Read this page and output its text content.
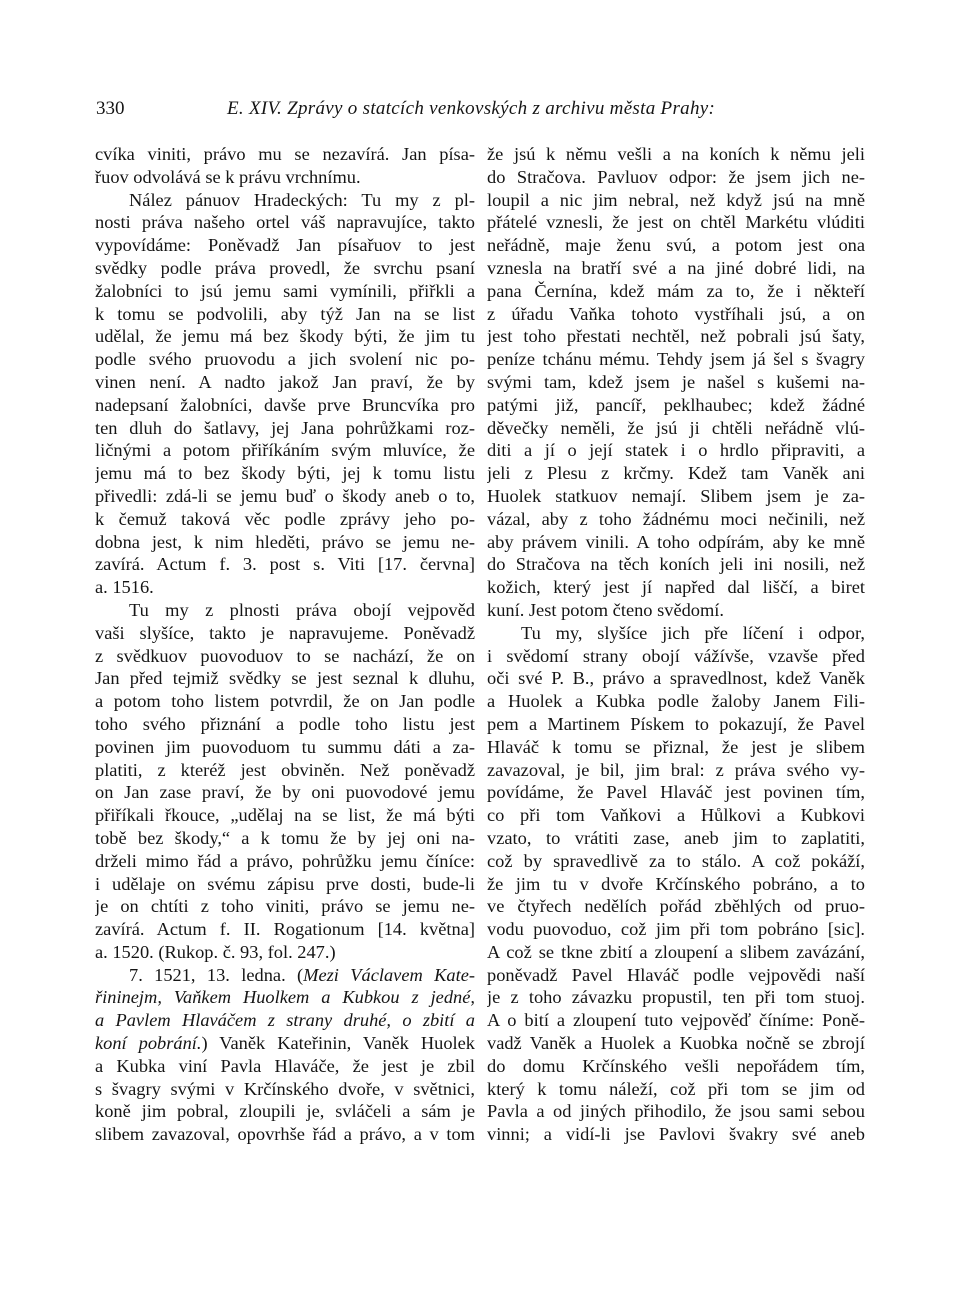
330	E. XIV. Zprávy o statcích venkovských z archivu města Prahy:
cvíka viniti, právo mu se nezavírá. Jan písa-
řuov odvolává se k právu vrchnímu.
Nález pánuov Hradeckých: Tu my z pl-
nosti práva našeho ortel váš napravujíce, takto
vypovídáme: Poněvadž Jan písařuov to jest
svědky podle práva provedl, že svrchu psaní
žalobníci to jsú jemu sami vymínili, přiřkli a
k tomu se podvolili, aby týž Jan na se list
udělal, že jemu má bez škody býti, že jim tu
podle svého pruovodu a jich svolení nic po-
vinen není. A nadto jakož Jan praví, že by
nadepsaní žalobníci, davše prve Bruncvíka pro
ten dluh do šatlavy, jej Jana pohrůžkami roz-
ličnými a potom přiříkáním svým mluvíce, že
jemu má to bez škody býti, jej k tomu listu
přivedli: zdá-li se jemu buď o škody aneb o to,
k čemuž taková věc podle zprávy jeho po-
dobna jest, k nim hleděti, právo se jemu ne-
zavírá. Actum f. 3. post s. Viti [17. června]
a. 1516.
Tu my z plnosti práva obojí vejpověd
vaši slyšíce, takto je napravujeme. Poněvadž
z svědkuov puovoduov to se nachází, že on
Jan před tejmiž svědky se jest seznal k dluhu,
a potom toho listem potvrdil, že on Jan podle
toho svého přiznání a podle toho listu jest
povinen jim puovoduom tu summu dáti a za-
platiti, z kteréž jest obviněn. Než poněvadž
on Jan zase praví, že by oni puovodové jemu
přiříkali řkouce, „udělaj na se list, že má býti
tobě bez škody,“ a k tomu že by jej oni na-
drželi mimo řád a právo, pohrůžku jemu číníce:
i udělaje on svému zápisu prve dosti, bude-li
je on chtíti z toho viniti, právo se jemu ne-
zavírá. Actum f. II. Rogationum [14. května]
a. 1520. (Rukop. č. 93, fol. 247.)
7. 1521, 13. ledna. (Mezi Václavem Kate-
řininejm, Vaňkem Huolkem a Kubkou z jedné,
a Pavlem Hlaváčem z strany druhé, o zbití a
koní pobrání.) Vaněk Kateřinin, Vaněk Huolek
a Kubka viní Pavla Hlaváče, že jest je zbil
s švagry svými v Krčínského dvoře, v světnici,
koně jim pobral, zloupili je, svláčeli a sám je
slibem zavazoval, opovrhše řád a právo, a v tom
že jsú k němu vešli a na koních k němu jeli
do Stračova. Pavluov odpor: že jsem jich ne-
loupil a nic jim nebral, než když jsú na mně
přátelé vznesli, že jest on chtěl Markétu vlúditi
neřádně, maje ženu svú, a potom jest ona
vznesla na bratří své a na jiné dobré lidi, na
pana Černína, kdež mám za to, že i někteří
z úřadu Vaňka tohoto vystříhali jsú, a on
jest toho přestati nechtěl, než pobrali jsú šaty,
peníze tchánu mému. Tehdy jsem já šel s švagry
svými tam, kdež jsem je našel s kušemi na-
patými již, pancíř, peklhaubec; kdež žádné
děvečky neměli, že jsú ji chtěli neřádně vlú-
diti a jí o její statek i o hrdlo připraviti, a
jeli z Plesu z krčmy. Kdež tam Vaněk ani
Huolek statkuov nemají. Slibem jsem je za-
vázal, aby z toho žádnému moci nečinili, než
aby právem vinili. A toho odpírám, aby ke mně
do Stračova na těch koních jeli ini nosili, než
kožich, který jest jí napřed dal liščí, a biret
kuní. Jest potom čteno svědomí.
Tu my, slyšíce jich pře líčení i odpor,
i svědomí strany obojí vážívše, vzavše před
oči své P. B., právo a spravedlnost, kdež Vaněk
a Huolek a Kubka podle žaloby Janem Fili-
pem a Martinem Pískem to pokazují, že Pavel
Hlaváč k tomu se přiznal, že jest je slibem
zavazoval, je bil, jim bral: z práva svého vy-
povídáme, že Pavel Hlaváč jest povinen tím,
co při tom Vaňkovi a Hůlkovi a Kubkovi
vzato, to vrátiti zase, aneb jim to zaplatiti,
což by spravedlivě za to stálo. A což pokáží,
že jim tu v dvoře Krčínského pobráno, a to
ve čtyřech nedělích pořád zběhlých od pruo-
vodu puovoduo, což jim při tom pobráno [sic].
A což se tkne zbití a zloupení a slibem zavázání,
poněvadž Pavel Hlaváč podle vejpovědi naší
je z toho závazku propustil, ten při tom stuoj.
A o bití a zloupení tuto vejpověď číníme: Poně-
vadž Vaněk a Huolek a Kuobka nočně se zbrojí
do domu Krčínského vešli nepořádem tím,
který k tomu náleží, což při tom se jim od
Pavla a od jiných přihodilo, že jsou sami sebou
vinni; a vidí-li jse Pavlovi švakry své aneb
